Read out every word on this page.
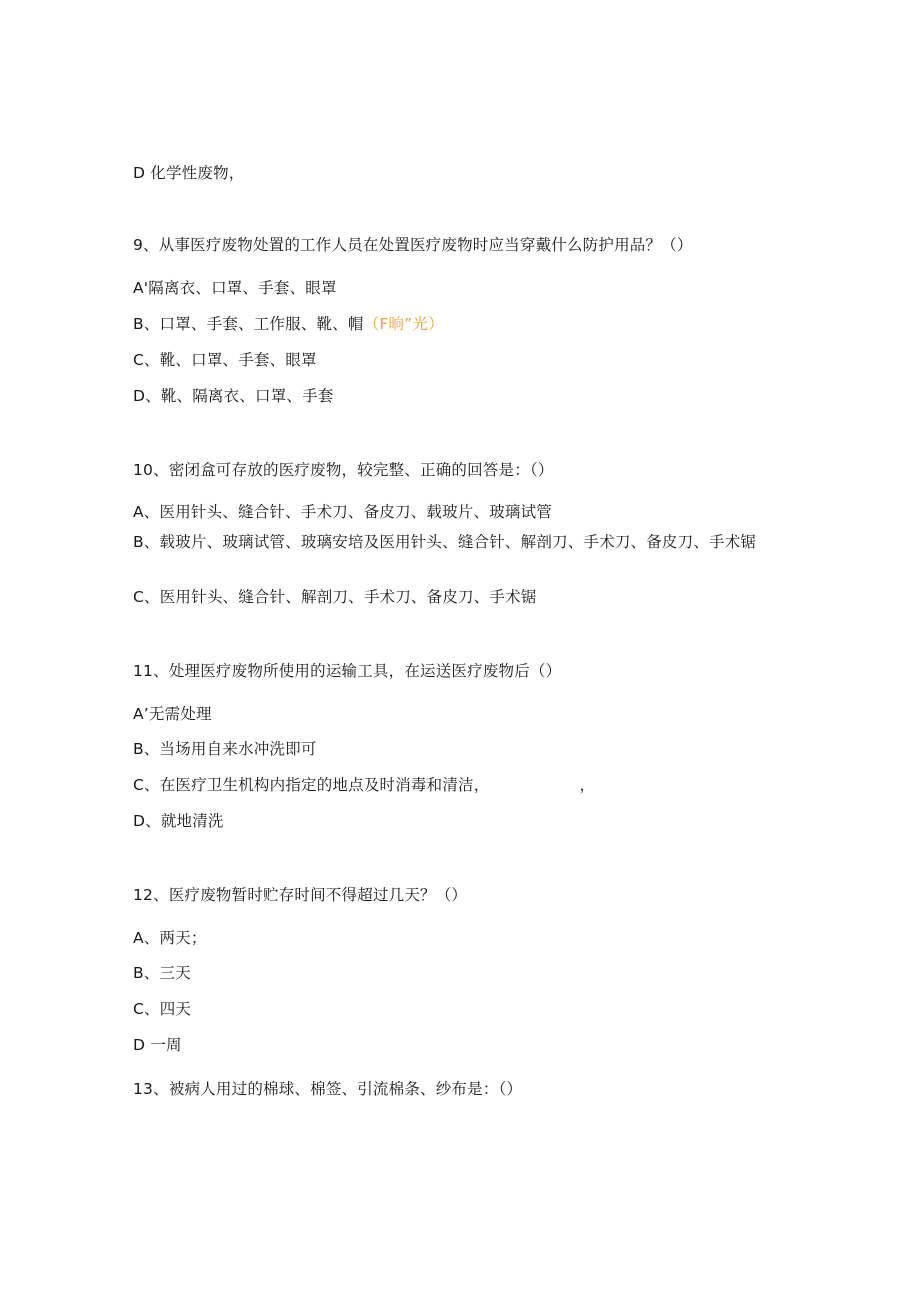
D 化学性废物，
9、从事医疗废物处置的工作人员在处置医疗废物时应当穿戴什么防护用品？（）
A'隔离衣、口罩、手套、眼罩
B、口罩、手套、工作服、靴、帽（F晌”光）
C、靴、口罩、手套、眼罩
D、靴、隔离衣、口罩、手套
10、密闭盒可存放的医疗废物，较完整、正确的回答是：（）
A、医用针头、缝合针、手术刀、备皮刀、载玻片、玻璃试管
B、载玻片、玻璃试管、玻璃安培及医用针头、缝合针、解剖刀、手术刀、备皮刀、手术锯
C、医用针头、缝合针、解剖刀、手术刀、备皮刀、手术锯
11、处理医疗废物所使用的运输工具，在运送医疗废物后（）
A’无需处理
B、当场用自来水冲洗即可
C、在医疗卫生机构内指定的地点及时消毒和清洁，	，
D、就地清洗
12、医疗废物暂时贮存时间不得超过几天？（）
A、两天；
B、三天
C、四天
D 一周
13、被病人用过的棉球、棉签、引流棉条、纱布是：（）
